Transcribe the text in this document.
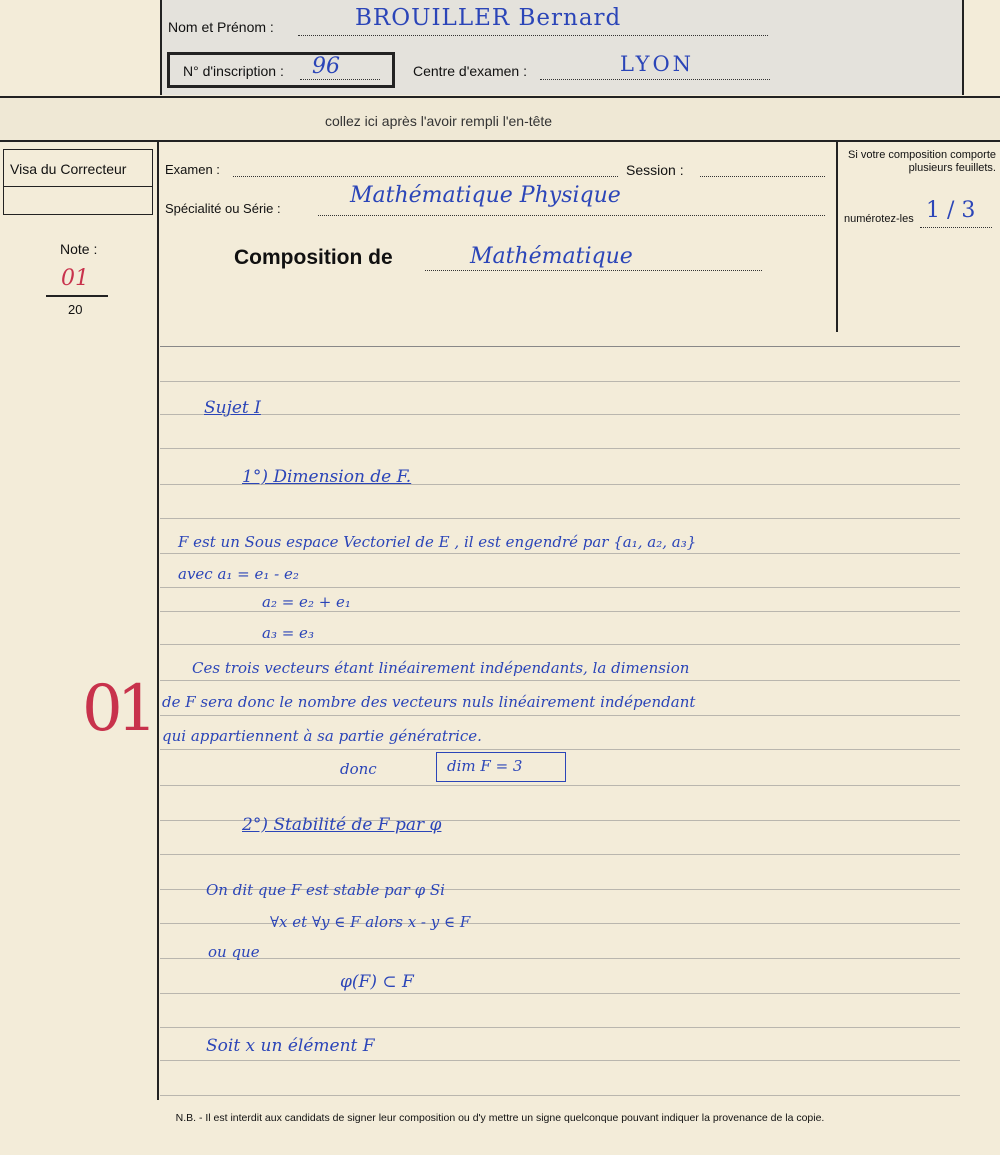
Nom et Prénom :	BROUILLER Bernard
N° d'inscription : 96	Centre d'examen :	LYON
collez ici après l'avoir rempli l'en-tête
Visa du Correcteur
Note :
01
20
01
Examen :	Session :
Spécialité ou Série :
Mathématique Physique
Composition de	Mathématique
Si votre composition comporte plusieurs feuillets.
numérotez-les 1 / 3
Sujet I
1°) Dimension de F.
F est un Sous espace Vectoriel de E , il est engendré par {a₁, a₂, a₃}
avec a₁ = e₁ - e₂
a₂ = e₂ + e₁
a₃ = e₃
Ces trois vecteurs étant linéairement indépendants, la dimension
de F sera donc le nombre des vecteurs nuls linéairement indépendant
qui appartiennent à sa partie génératrice.
donc	dim F = 3
2°) Stabilité de F par φ
On dit que F est stable par φ Si
∀x et ∀y ∈ F alors x - y ∈ F
ou que
φ(F) ⊂ F
Soit x un élément F
N.B. - Il est interdit aux candidats de signer leur composition ou d'y mettre un signe quelconque pouvant indiquer la provenance de la copie.
